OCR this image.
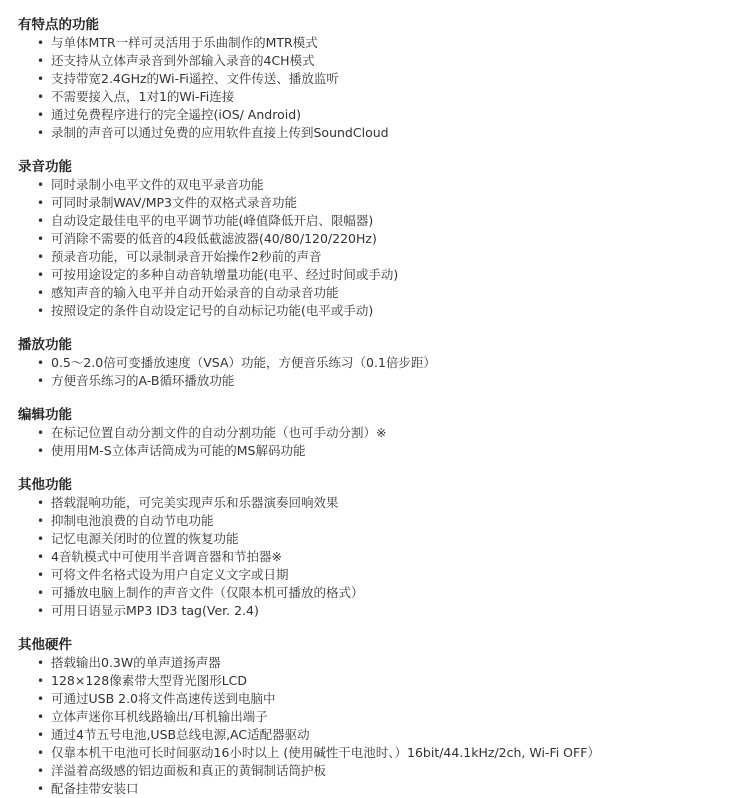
有特点的功能
• 与单体MTR一样可灵活用于乐曲制作的MTR模式
• 还支持从立体声录音到外部输入录音的4CH模式
• 支持带宽2.4GHz的Wi-Fi遥控、文件传送、播放监听
• 不需要接入点，1对1的Wi-Fi连接
• 通过免费程序进行的完全遥控(iOS/ Android)
• 录制的声音可以通过免费的应用软件直接上传到SoundCloud
录音功能
• 同时录制小电平文件的双电平录音功能
• 可同时录制WAV/MP3文件的双格式录音功能
• 自动设定最佳电平的电平调节功能(峰值降低开启、限幅器)
• 可消除不需要的低音的4段低截滤波器(40/80/120/220Hz)
• 预录音功能，可以录制录音开始操作2秒前的声音
• 可按用途设定的多种自动音轨增量功能(电平、经过时间或手动)
• 感知声音的输入电平并自动开始录音的自动录音功能
• 按照设定的条件自动设定记号的自动标记功能(电平或手动)
播放功能
• 0.5～2.0倍可变播放速度（VSA）功能，方便音乐练习（0.1倍步距）
• 方便音乐练习的A-B循环播放功能
编辑功能
• 在标记位置自动分割文件的自动分割功能（也可手动分割）※
• 使用用M-S立体声话筒成为可能的MS解码功能
其他功能
• 搭载混响功能，可完美实现声乐和乐器演奏回响效果
• 抑制电池浪费的自动节电功能
• 记忆电源关闭时的位置的恢复功能
• 4音轨模式中可使用半音调音器和节拍器※
• 可将文件名格式设为用户自定义文字或日期
• 可播放电脑上制作的声音文件（仅限本机可播放的格式）
• 可用日语显示MP3 ID3 tag(Ver. 2.4)
其他硬件
• 搭载输出0.3W的单声道扬声器
• 128×128像素带大型背光图形LCD
• 可通过USB 2.0将文件高速传送到电脑中
• 立体声迷你耳机线路输出/耳机输出端子
• 通过4节五号电池,USB总线电源,AC适配器驱动
• 仅靠本机干电池可长时间驱动16小时以上 (使用碱性干电池时、）16bit/44.1kHz/2ch, Wi-Fi OFF）
• 洋溢着高级感的铝边面板和真正的黄铜制话筒护板
• 配备挂带安装口
